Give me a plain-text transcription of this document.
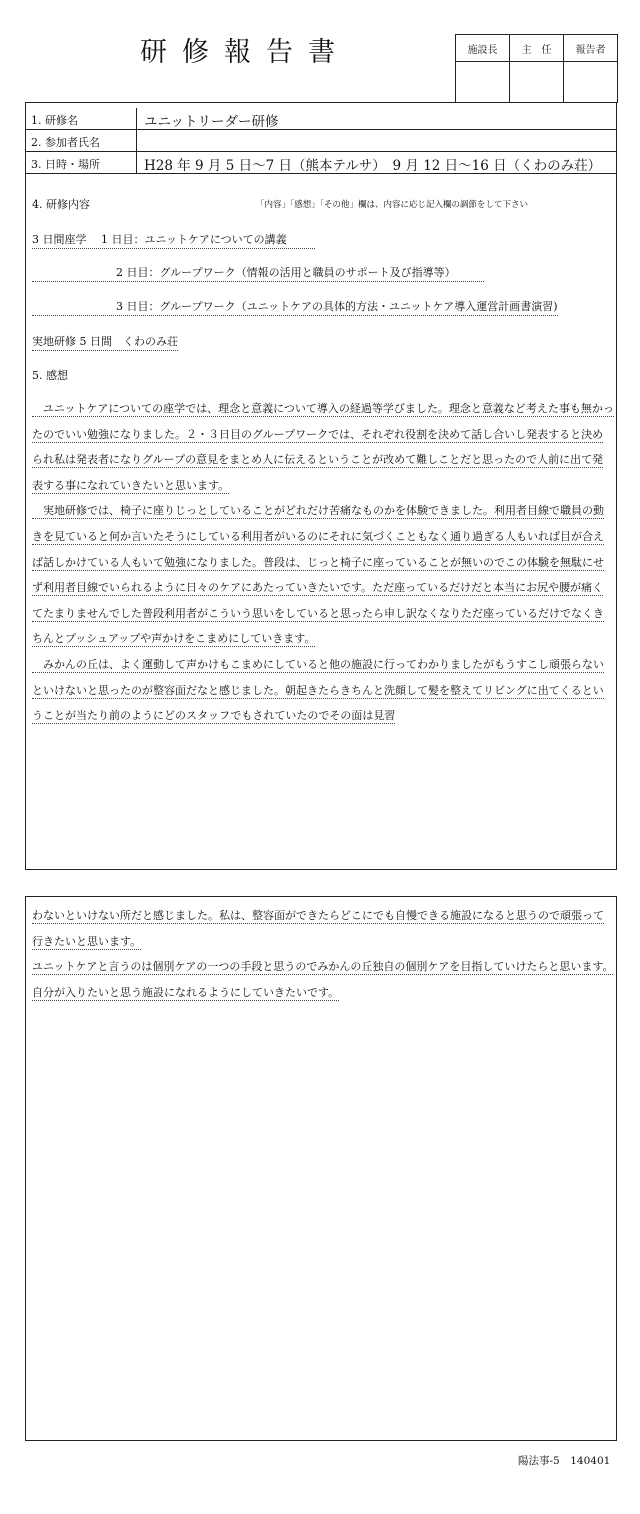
研修報告書	施設長	主　任	報告者

1. 研修名	ユニットリーダー研修
2. 参加者氏名
3. 日時・場所	H28 年 9 月 5 日～7 日（熊本テルサ）　9 月 12 日～16 日（くわのみ荘）
4. 研修内容	「内容」「感想」「その他」欄は、内容に応じ記入欄の調節をして下さい
3 日間座学　 1 日目：ユニットケアについての講義
2 日目：グループワーク（情報の活用と職員のサポート及び指導等）
3 日目：グループワーク（ユニットケアの具体的方法・ユニットケア導入運営計画書演習)
実地研修 5 日間　くわのみ荘
5. 感想

　ユニットケアについての座学では、理念と意義について導入の経過等学びました。理念と意義など考えた事も無かったのでいい勉強になりました。２・３日目のグループワークでは、それぞれ役割を決めて話し合いし発表すると決められ私は発表者になりグループの意見をまとめ人に伝えるということが改めて難しことだと思ったので人前に出て発表する事になれていきたいと思います。

　実地研修では、椅子に座りじっとしていることがどれだけ苦痛なものかを体験できました。利用者目線で職員の動きを見ていると何か言いたそうにしている利用者がいるのにそれに気づくこともなく通り過ぎる人もいれば目が合えば話しかけている人もいて勉強になりました。普段は、じっと椅子に座っていることが無いのでこの体験を無駄にせず利用者目線でいられるように日々のケアにあたっていきたいです。ただ座っているだけだと本当にお尻や腰が痛くてたまりませんでした普段利用者がこういう思いをしていると思ったら申し訳なくなりただ座っているだけでなくきちんとプッシュアップや声かけをこまめにしていきます。

　みかんの丘は、よく運動して声かけもこまめにしていると他の施設に行ってわかりましたがもうすこし頑張らないといけないと思ったのが整容面だなと感じました。朝起きたらきちんと洗顔して髪を整えてリビングに出てくるということが当たり前のようにどのスタッフでもされていたのでその面は見習

わないといけない所だと感じました。私は、整容面ができたらどこにでも自慢できる施設になると思うので頑張って行きたいと思います。

ユニットケアと言うのは個別ケアの一つの手段と思うのでみかんの丘独自の個別ケアを目指していけたらと思います。自分が入りたいと思う施設になれるようにしていきたいです。

陽法事-5　140401
